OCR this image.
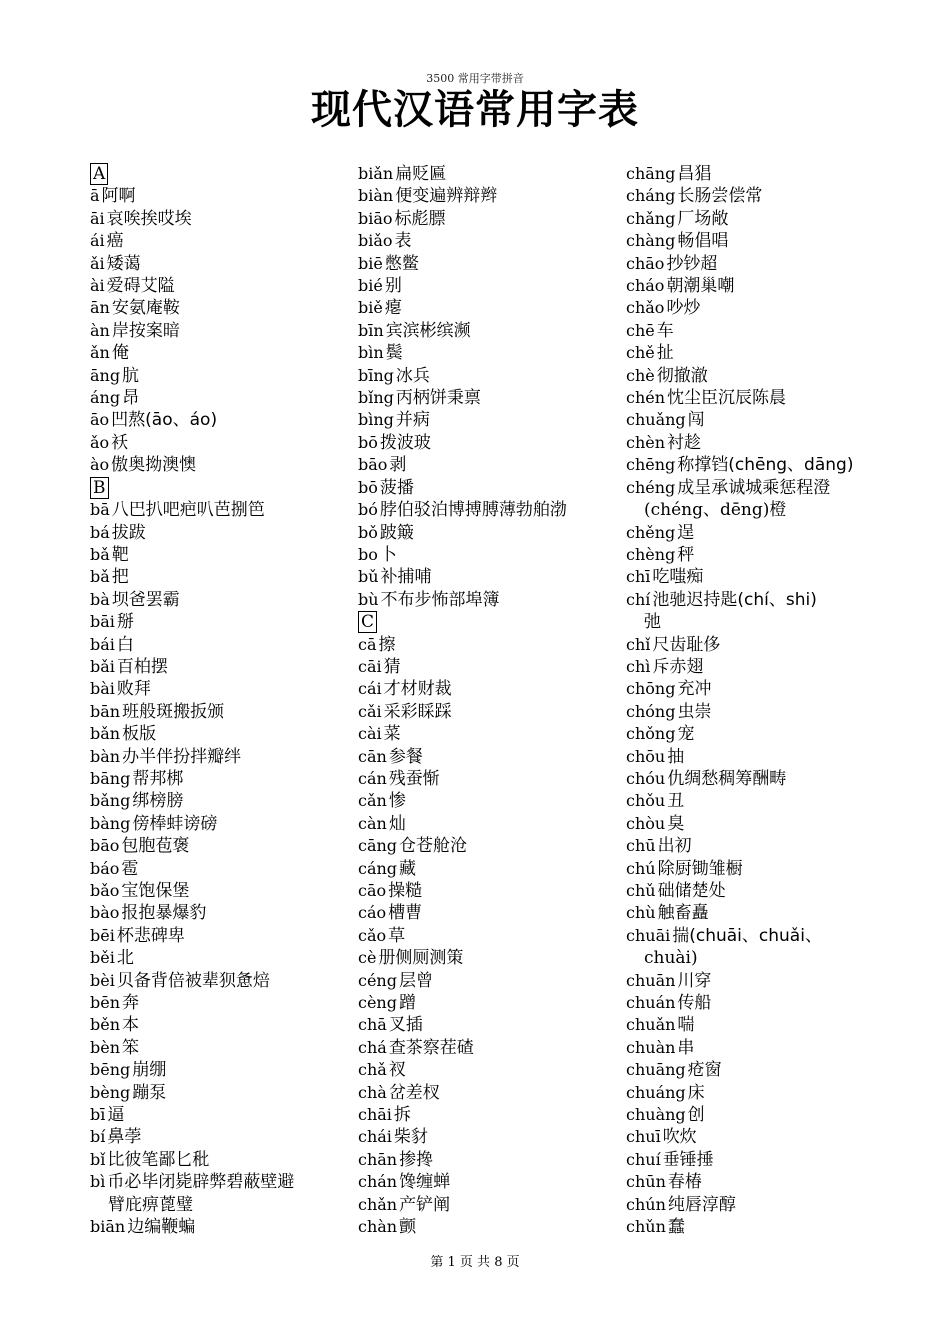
3500 常用字带拼音
现代汉语常用字表
A
ā 阿啊
āi 哀唉挨哎埃
ái 癌
ǎi 矮蔼
ài 爱碍艾隘
ān 安氨庵鞍
àn 岸按案暗
ǎn 俺
āng 肮
áng 昂
āo 凹熬(āo、áo)
ǎo 袄
ào 傲奥拗澳懊
B
bā 八巴扒吧疤叭芭捌笆
bá 拔跋
bǎ 靶
bǎ 把
bà 坝爸罢霸
bāi 掰
bái 白
bǎi 百柏摆
bài 败拜
bān 班般斑搬扳颁
bǎn 板版
bàn 办半伴扮拌瓣绊
bāng 帮邦梆
bǎng 绑榜膀
bàng 傍棒蚌谤磅
bāo 包胞苞褒
báo 雹
bǎo 宝饱保堡
bào 报抱暴爆豹
bēi 杯悲碑卑
běi 北
bèi 贝备背倍被辈狈惫焙
bēn 奔
běn 本
bèn 笨
bēng 崩绷
bèng 蹦泵
bī 逼
bí 鼻荸
bǐ 比彼笔鄙匕秕
bì 币必毕闭毙辟弊碧蔽壁避
臂庇痹蓖璧
biān 边编鞭蝙
biǎn 扁贬匾
biàn 便变遍辨辩辫
biāo 标彪膘
biǎo 表
biē 憋鳖
bié 别
biě 瘪
bīn 宾滨彬缤濒
bìn 鬓
bīng 冰兵
bǐng 丙柄饼秉禀
bìng 并病
bō 拨波玻
bāo 剥
bō 菠播
bó 脖伯驳泊博搏膊薄勃舶渤
bǒ 跛簸
bo 卜
bǔ 补捕哺
bù 不布步怖部埠簿
C
cā 擦
cāi 猜
cái 才材财裁
cǎi 采彩睬踩
cài 菜
cān 参餐
cán 残蚕惭
cǎn 惨
càn 灿
cāng 仓苍舱沧
cáng 藏
cāo 操糙
cáo 槽曹
cǎo 草
cè 册侧厕测策
céng 层曾
cèng 蹭
chā 叉插
chá 查茶察茬碴
chǎ 衩
chà 岔差杈
chāi 拆
chái 柴豺
chān 掺搀
chán 馋缠蝉
chǎn 产铲阐
chàn 颤
chāng 昌猖
cháng 长肠尝偿常
chǎng 厂场敞
chàng 畅倡唱
chāo 抄钞超
cháo 朝潮巢嘲
chǎo 吵炒
chē 车
chě 扯
chè 彻撤澈
chén 忱尘臣沉辰陈晨
chuǎng 闯
chèn 衬趁
chēng 称撑铛(chēng、dāng)
chéng 成呈承诚城乘惩程澄
(chéng、dēng)橙
chěng 逞
chèng 秤
chī 吃嗤痴
chí 池驰迟持匙(chí、shi)
弛
chǐ 尺齿耻侈
chì 斥赤翅
chōng 充冲
chóng 虫崇
chǒng 宠
chōu 抽
chóu 仇绸愁稠筹酬畴
chǒu 丑
chòu 臭
chū 出初
chú 除厨锄雏橱
chǔ 础储楚处
chù 触畜矗
chuāi 揣(chuāi、chuǎi、
chuài)
chuān 川穿
chuán 传船
chuǎn 喘
chuàn 串
chuāng 疮窗
chuáng 床
chuàng 创
chuī 吹炊
chuí 垂锤捶
chūn 春椿
chún 纯唇淳醇
chǔn 蠢
第 1 页 共 8 页
